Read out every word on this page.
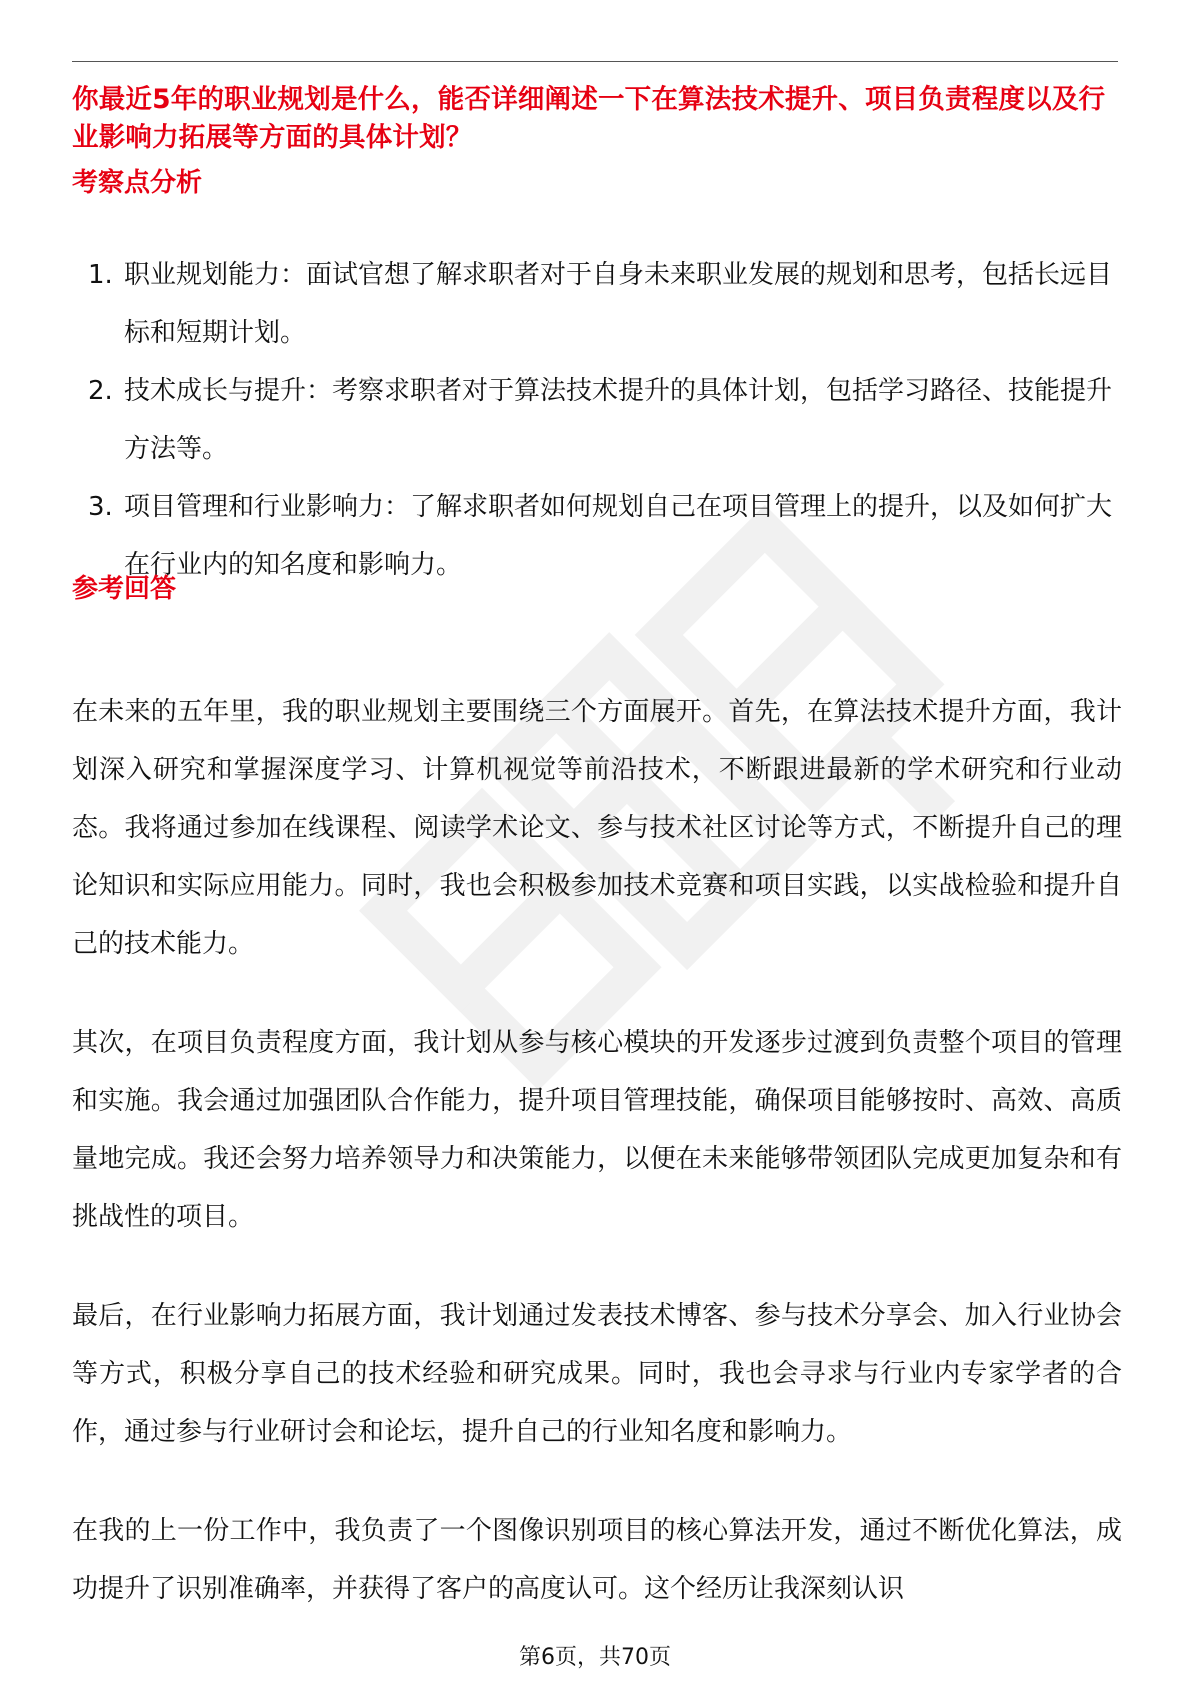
你最近5年的职业规划是什么，能否详细阐述一下在算法技术提升、项目负责程度以及行业影响力拓展等方面的具体计划？
考察点分析
1. 职业规划能力：面试官想了解求职者对于自身未来职业发展的规划和思考，包括长远目标和短期计划。
2. 技术成长与提升：考察求职者对于算法技术提升的具体计划，包括学习路径、技能提升方法等。
3. 项目管理和行业影响力：了解求职者如何规划自己在项目管理上的提升，以及如何扩大在行业内的知名度和影响力。
参考回答

在未来的五年里，我的职业规划主要围绕三个方面展开。首先，在算法技术提升方面，我计划深入研究和掌握深度学习、计算机视觉等前沿技术，不断跟进最新的学术研究和行业动态。我将通过参加在线课程、阅读学术论文、参与技术社区讨论等方式，不断提升自己的理论知识和实际应用能力。同时，我也会积极参加技术竞赛和项目实践，以实战检验和提升自己的技术能力。

其次，在项目负责程度方面，我计划从参与核心模块的开发逐步过渡到负责整个项目的管理和实施。我会通过加强团队合作能力，提升项目管理技能，确保项目能够按时、高效、高质量地完成。我还会努力培养领导力和决策能力，以便在未来能够带领团队完成更加复杂和有挑战性的项目。

最后，在行业影响力拓展方面，我计划通过发表技术博客、参与技术分享会、加入行业协会等方式，积极分享自己的技术经验和研究成果。同时，我也会寻求与行业内专家学者的合作，通过参与行业研讨会和论坛，提升自己的行业知名度和影响力。

在我的上一份工作中，我负责了一个图像识别项目的核心算法开发，通过不断优化算法，成功提升了识别准确率，并获得了客户的高度认可。这个经历让我深刻认识

第6页，共70页
